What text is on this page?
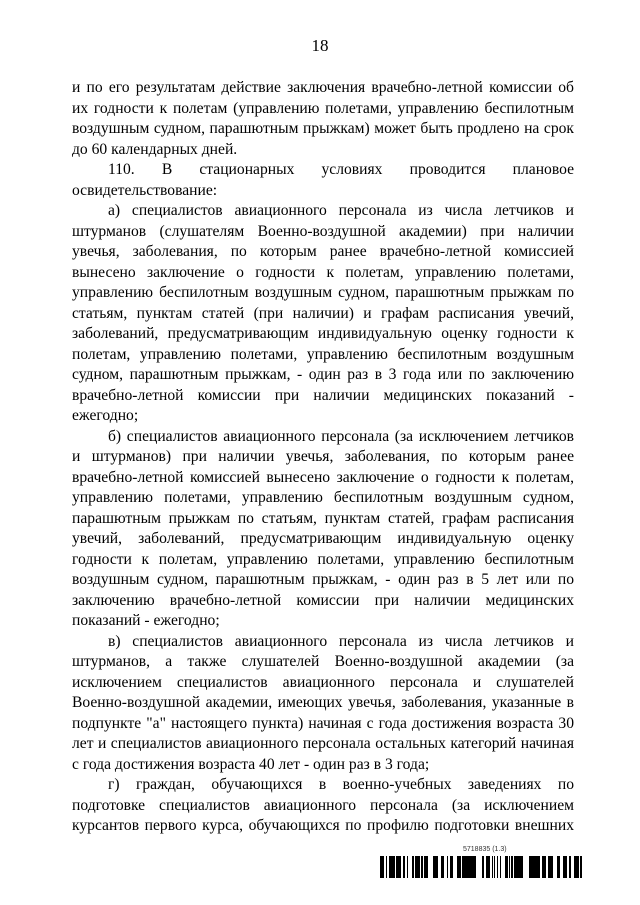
18

и по его результатам действие заключения врачебно-летной комиссии об их годности к полетам (управлению полетами, управлению беспилотным воздушным судном, парашютным прыжкам) может быть продлено на срок до 60 календарных дней.

110. В стационарных условиях проводится плановое

освидетельствование:

а) специалистов авиационного персонала из числа летчиков и штурманов (слушателям Военно-воздушной академии) при наличии увечья, заболевания, по которым ранее врачебно-летной комиссией вынесено заключение о годности к полетам, управлению полетами, управлению беспилотным воздушным судном, парашютным прыжкам по статьям, пунктам статей (при наличии) и графам расписания увечий, заболеваний, предусматривающим индивидуальную оценку годности к полетам, управлению полетами, управлению беспилотным воздушным судном, парашютным прыжкам, - один раз в 3 года или по заключению врачебно-летной комиссии при наличии медицинских показаний - ежегодно;

б) специалистов авиационного персонала (за исключением летчиков и штурманов) при наличии увечья, заболевания, по которым ранее врачебно-летной комиссией вынесено заключение о годности к полетам, управлению полетами, управлению беспилотным воздушным судном, парашютным прыжкам по статьям, пунктам статей, графам расписания увечий, заболеваний, предусматривающим индивидуальную оценку годности к полетам, управлению полетами, управлению беспилотным воздушным судном, парашютным прыжкам, - один раз в 5 лет или по заключению врачебно-летной комиссии при наличии медицинских показаний - ежегодно;

в) специалистов авиационного персонала из числа летчиков и штурманов, а также слушателей Военно-воздушной академии (за исключением специалистов авиационного персонала и слушателей Военно-воздушной академии, имеющих увечья, заболевания, указанные в подпункте "а" настоящего пункта) начиная с года достижения возраста 30 лет и специалистов авиационного персонала остальных категорий начиная с года достижения возраста 40 лет - один раз в 3 года;

г) граждан, обучающихся в военно-учебных заведениях по подготовке специалистов авиационного персонала (за исключением курсантов первого курса, обучающихся по профилю подготовки внешних

5718835 (1.3)
